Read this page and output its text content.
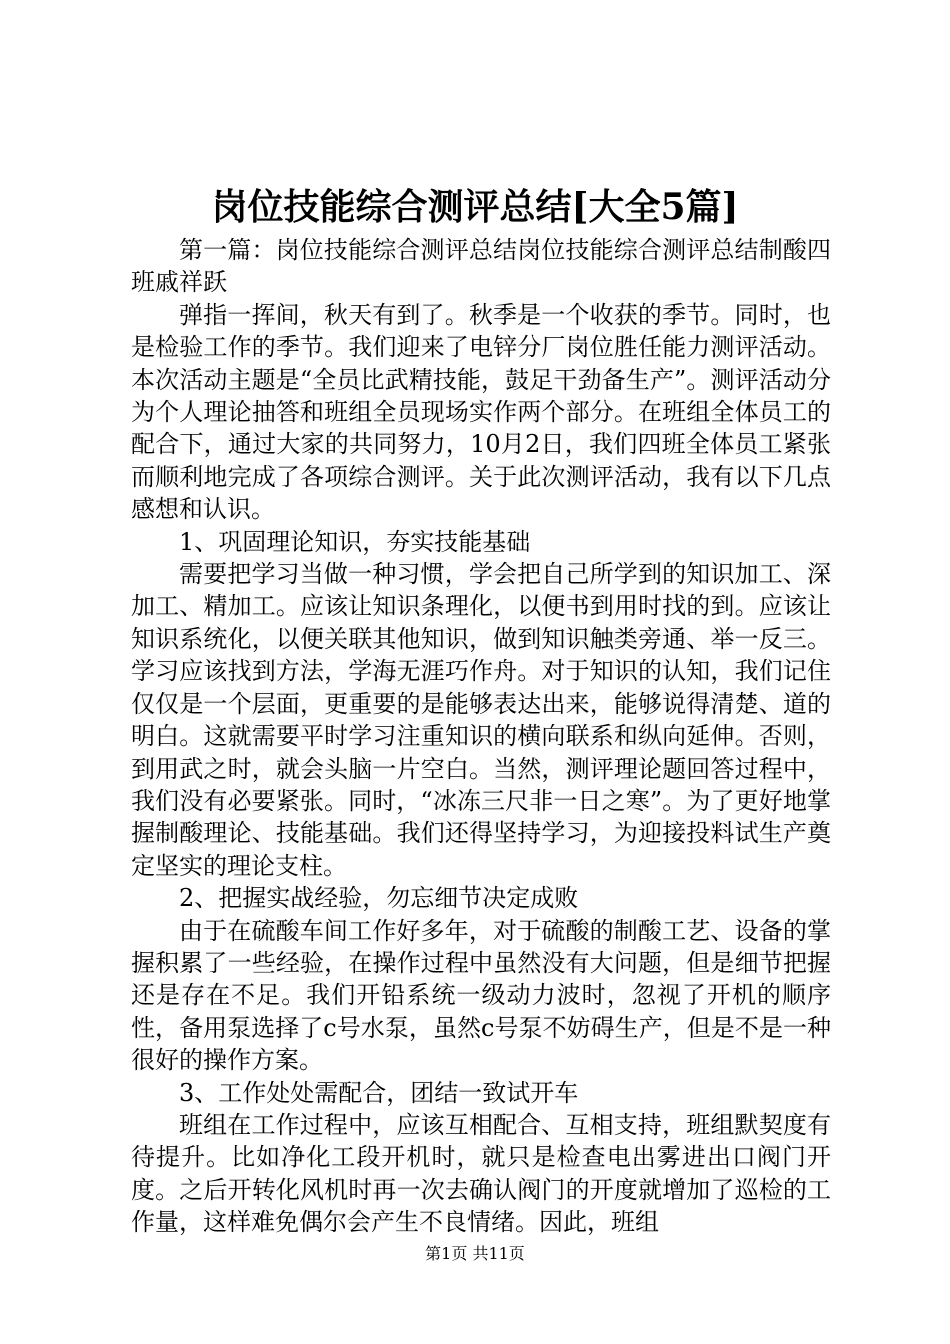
岗位技能综合测评总结[大全5篇]

第一篇：岗位技能综合测评总结岗位技能综合测评总结制酸四班戚祥跃

弹指一挥间，秋天有到了。秋季是一个收获的季节。同时，也是检验工作的季节。我们迎来了电锌分厂岗位胜任能力测评活动。本次活动主题是“全员比武精技能，鼓足干劲备生产”。测评活动分为个人理论抽答和班组全员现场实作两个部分。在班组全体员工的配合下，通过大家的共同努力，10月2日，我们四班全体员工紧张而顺利地完成了各项综合测评。关于此次测评活动，我有以下几点感想和认识。

1、巩固理论知识，夯实技能基础

需要把学习当做一种习惯，学会把自己所学到的知识加工、深加工、精加工。应该让知识条理化，以便书到用时找的到。应该让知识系统化，以便关联其他知识，做到知识触类旁通、举一反三。学习应该找到方法，学海无涯巧作舟。对于知识的认知，我们记住仅仅是一个层面，更重要的是能够表达出来，能够说得清楚、道的明白。这就需要平时学习注重知识的横向联系和纵向延伸。否则，到用武之时，就会头脑一片空白。当然，测评理论题回答过程中，我们没有必要紧张。同时，“冰冻三尺非一日之寒”。为了更好地掌握制酸理论、技能基础。我们还得坚持学习，为迎接投料试生产奠定坚实的理论支柱。

2、把握实战经验，勿忘细节决定成败

由于在硫酸车间工作好多年，对于硫酸的制酸工艺、设备的掌握积累了一些经验，在操作过程中虽然没有大问题，但是细节把握还是存在不足。我们开铅系统一级动力波时，忽视了开机的顺序性，备用泵选择了c号水泵，虽然c号泵不妨碍生产，但是不是一种很好的操作方案。

3、工作处处需配合，团结一致试开车

班组在工作过程中，应该互相配合、互相支持，班组默契度有待提升。比如净化工段开机时，就只是检查电出雾进出口阀门开度。之后开转化风机时再一次去确认阀门的开度就增加了巡检的工作量，这样难免偶尔会产生不良情绪。因此，班组

第1页 共11页
